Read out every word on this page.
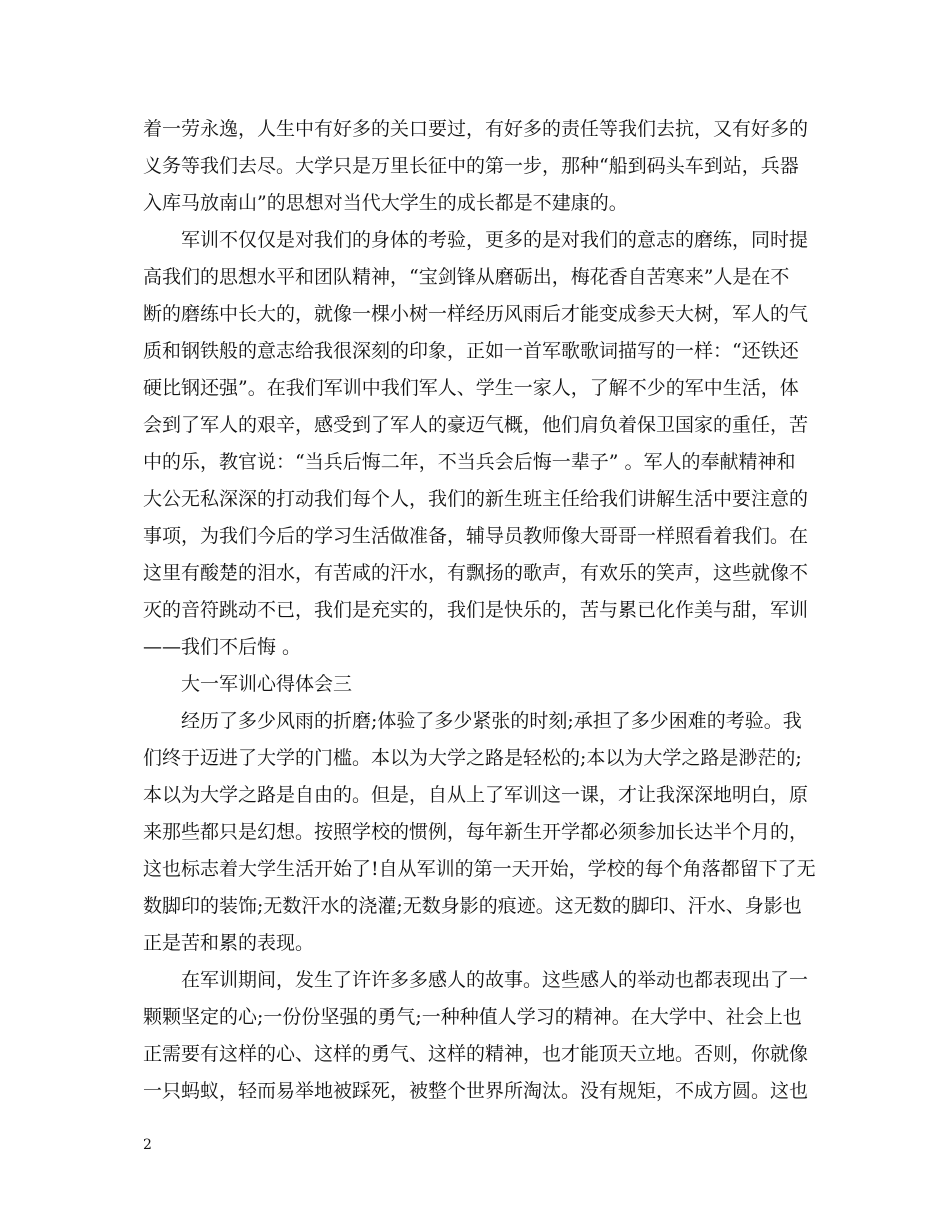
着一劳永逸，人生中有好多的关口要过，有好多的责任等我们去抗，又有好多的
义务等我们去尽。大学只是万里长征中的第一步，那种“船到码头车到站，兵器
入库马放南山”的思想对当代大学生的成长都是不建康的。
军训不仅仅是对我们的身体的考验，更多的是对我们的意志的磨练，同时提
高我们的思想水平和团队精神，“宝剑锋从磨砺出，梅花香自苦寒来”人是在不
断的磨练中长大的，就像一棵小树一样经历风雨后才能变成参天大树，军人的气
质和钢铁般的意志给我很深刻的印象，正如一首军歌歌词描写的一样：“还铁还
硬比钢还强”。在我们军训中我们军人、学生一家人，了解不少的军中生活，体
会到了军人的艰辛，感受到了军人的豪迈气概，他们肩负着保卫国家的重任，苦
中的乐，教官说：“当兵后悔二年，不当兵会后悔一辈子” 。军人的奉献精神和
大公无私深深的打动我们每个人，我们的新生班主任给我们讲解生活中要注意的
事项，为我们今后的学习生活做准备，辅导员教师像大哥哥一样照看着我们。在
这里有酸楚的泪水，有苦咸的汗水，有飘扬的歌声，有欢乐的笑声，这些就像不
灭的音符跳动不已，我们是充实的，我们是快乐的，苦与累已化作美与甜，军训
——我们不后悔 。
大一军训心得体会三
经历了多少风雨的折磨;体验了多少紧张的时刻;承担了多少困难的考验。我
们终于迈进了大学的门槛。本以为大学之路是轻松的;本以为大学之路是渺茫的;
本以为大学之路是自由的。但是，自从上了军训这一课，才让我深深地明白，原
来那些都只是幻想。按照学校的惯例，每年新生开学都必须参加长达半个月的，
这也标志着大学生活开始了!自从军训的第一天开始，学校的每个角落都留下了无
数脚印的装饰;无数汗水的浇灌;无数身影的痕迹。这无数的脚印、汗水、身影也
正是苦和累的表现。
在军训期间，发生了许许多多感人的故事。这些感人的举动也都表现出了一
颗颗坚定的心;一份份坚强的勇气;一种种值人学习的精神。在大学中、社会上也
正需要有这样的心、这样的勇气、这样的精神，也才能顶天立地。否则，你就像
一只蚂蚁，轻而易举地被踩死，被整个世界所淘汰。没有规矩，不成方圆。这也
2
